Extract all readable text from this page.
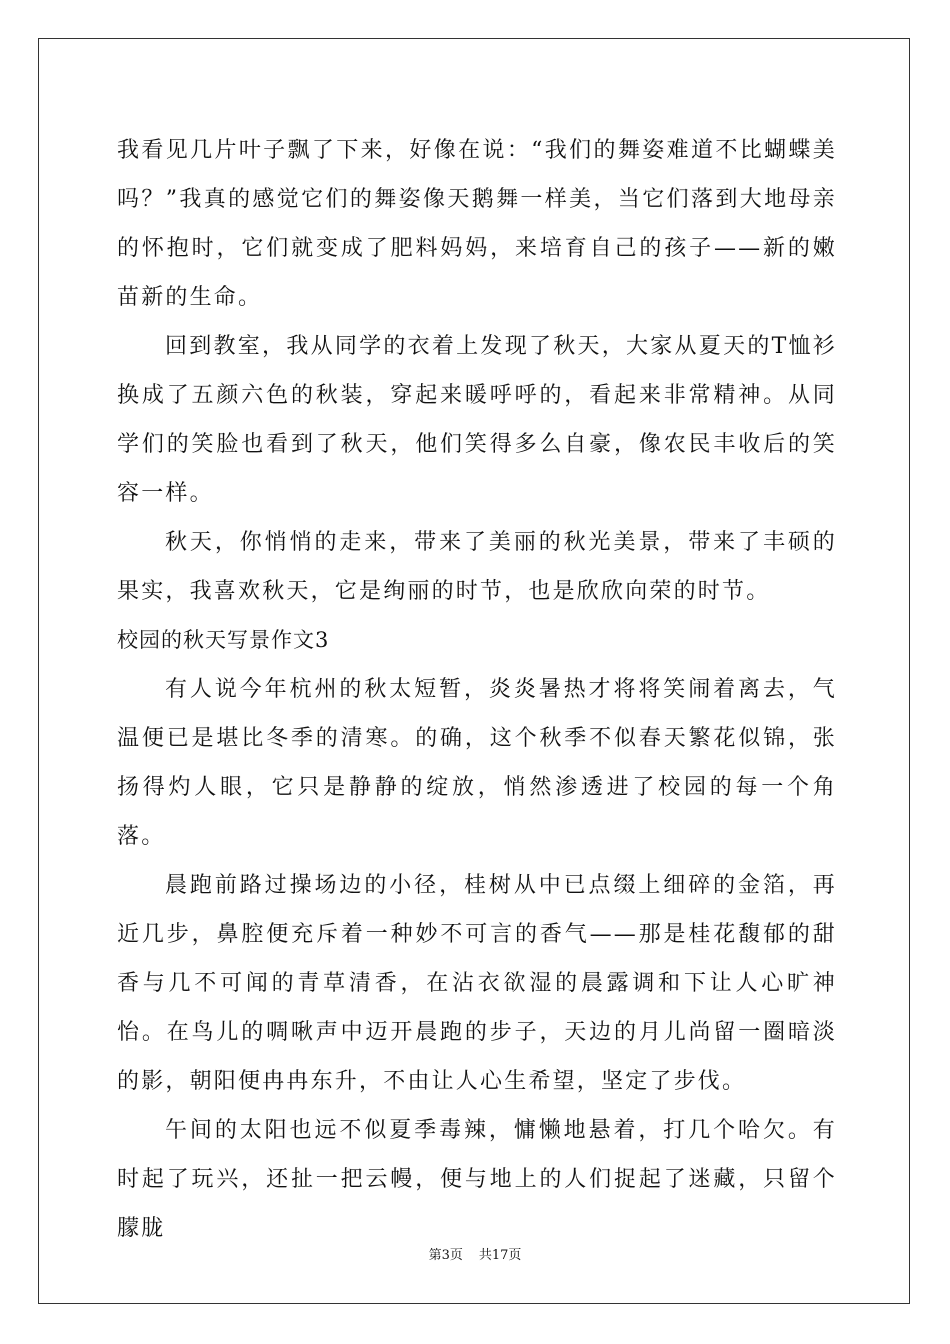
我看见几片叶子飘了下来，好像在说：“我们的舞姿难道不比蝴蝶美吗？”我真的感觉它们的舞姿像天鹅舞一样美，当它们落到大地母亲的怀抱时，它们就变成了肥料妈妈，来培育自己的孩子——新的嫩苗新的生命。

回到教室，我从同学的衣着上发现了秋天，大家从夏天的T恤衫换成了五颜六色的秋装，穿起来暖呼呼的，看起来非常精神。从同学们的笑脸也看到了秋天，他们笑得多么自豪，像农民丰收后的笑容一样。

秋天，你悄悄的走来，带来了美丽的秋光美景，带来了丰硕的果实，我喜欢秋天，它是绚丽的时节，也是欣欣向荣的时节。

校园的秋天写景作文3

有人说今年杭州的秋太短暂，炎炎暑热才将将笑闹着离去，气温便已是堪比冬季的清寒。的确，这个秋季不似春天繁花似锦，张扬得灼人眼，它只是静静的绽放，悄然渗透进了校园的每一个角落。

晨跑前路过操场边的小径，桂树从中已点缀上细碎的金箔，再近几步，鼻腔便充斥着一种妙不可言的香气——那是桂花馥郁的甜香与几不可闻的青草清香，在沾衣欲湿的晨露调和下让人心旷神怡。在鸟儿的啁啾声中迈开晨跑的步子，天边的月儿尚留一圈暗淡的影，朝阳便冉冉东升，不由让人心生希望，坚定了步伐。

午间的太阳也远不似夏季毒辣，慵懒地悬着，打几个哈欠。有时起了玩兴，还扯一把云幔，便与地上的人们捉起了迷藏，只留个朦胧

第3页 共17页
